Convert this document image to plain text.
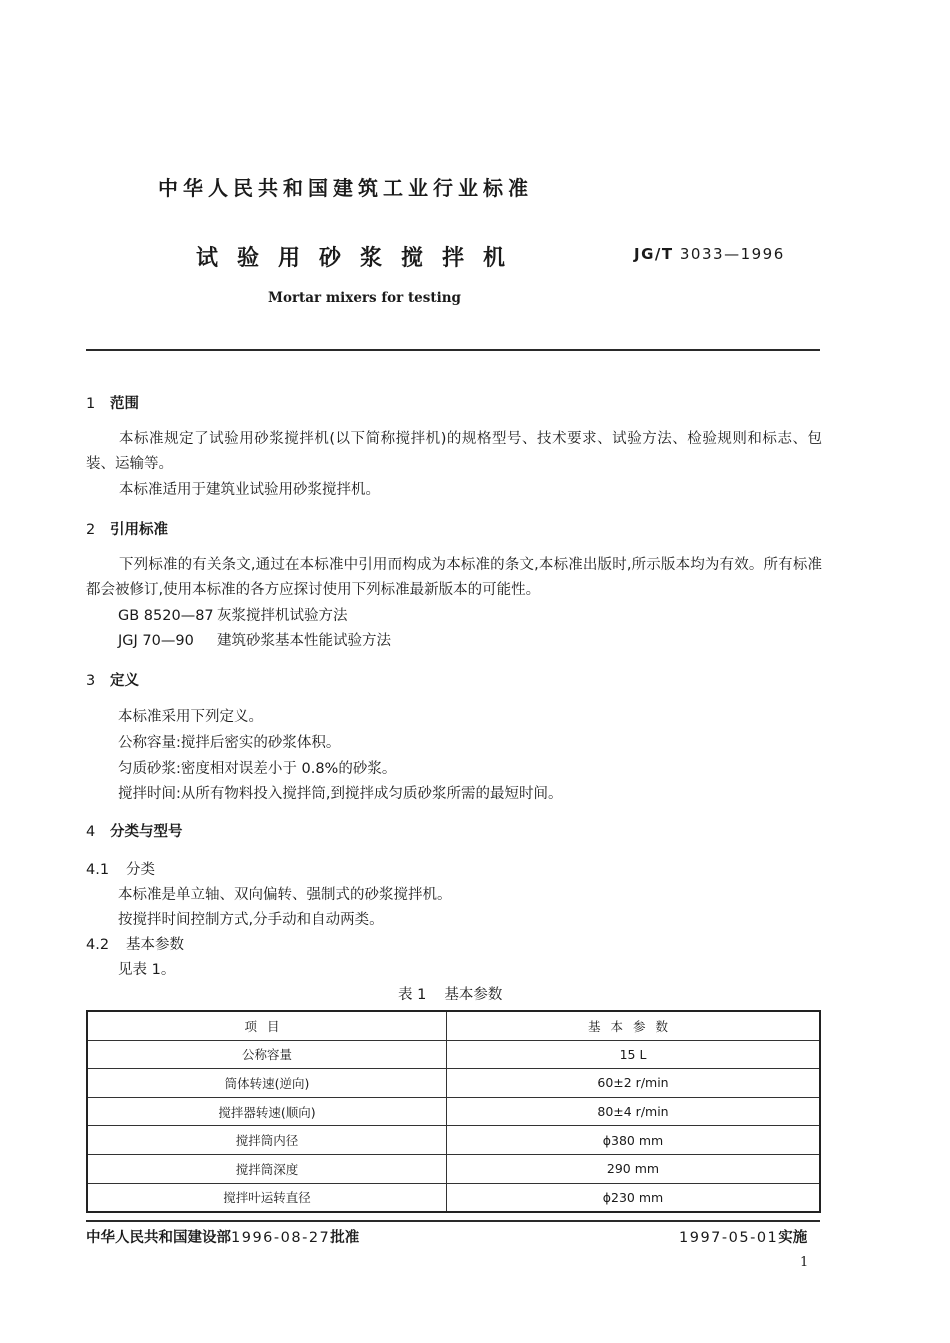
中华人民共和国建筑工业行业标准
试验用砂浆搅拌机	JG/T 3033—1996
Mortar mixers for testing
1 范围
本标准规定了试验用砂浆搅拌机(以下简称搅拌机)的规格型号、技术要求、试验方法、检验规则和标志、包装、运输等。
本标准适用于建筑业试验用砂浆搅拌机。
2 引用标准
下列标准的有关条文,通过在本标准中引用而构成为本标准的条文,本标准出版时,所示版本均为有效。所有标准都会被修订,使用本标准的各方应探讨使用下列标准最新版本的可能性。
GB 8520—87 灰浆搅拌机试验方法
JGJ 70—90 建筑砂浆基本性能试验方法
3 定义
本标准采用下列定义。
公称容量:搅拌后密实的砂浆体积。
匀质砂浆:密度相对误差小于 0.8%的砂浆。
搅拌时间:从所有物料投入搅拌筒,到搅拌成匀质砂浆所需的最短时间。
4 分类与型号
4.1 分类
本标准是单立轴、双向偏转、强制式的砂浆搅拌机。
按搅拌时间控制方式,分手动和自动两类。
4.2 基本参数
见表 1。
表 1 基本参数
项目	基本参数
公称容量	15 L
筒体转速(逆向)	60±2 r/min
搅拌器转速(顺向)	80±4 r/min
搅拌筒内径	ϕ380 mm
搅拌筒深度	290 mm
搅拌叶运转直径	ϕ230 mm
中华人民共和国建设部1996-08-27批准	1997-05-01实施
1
